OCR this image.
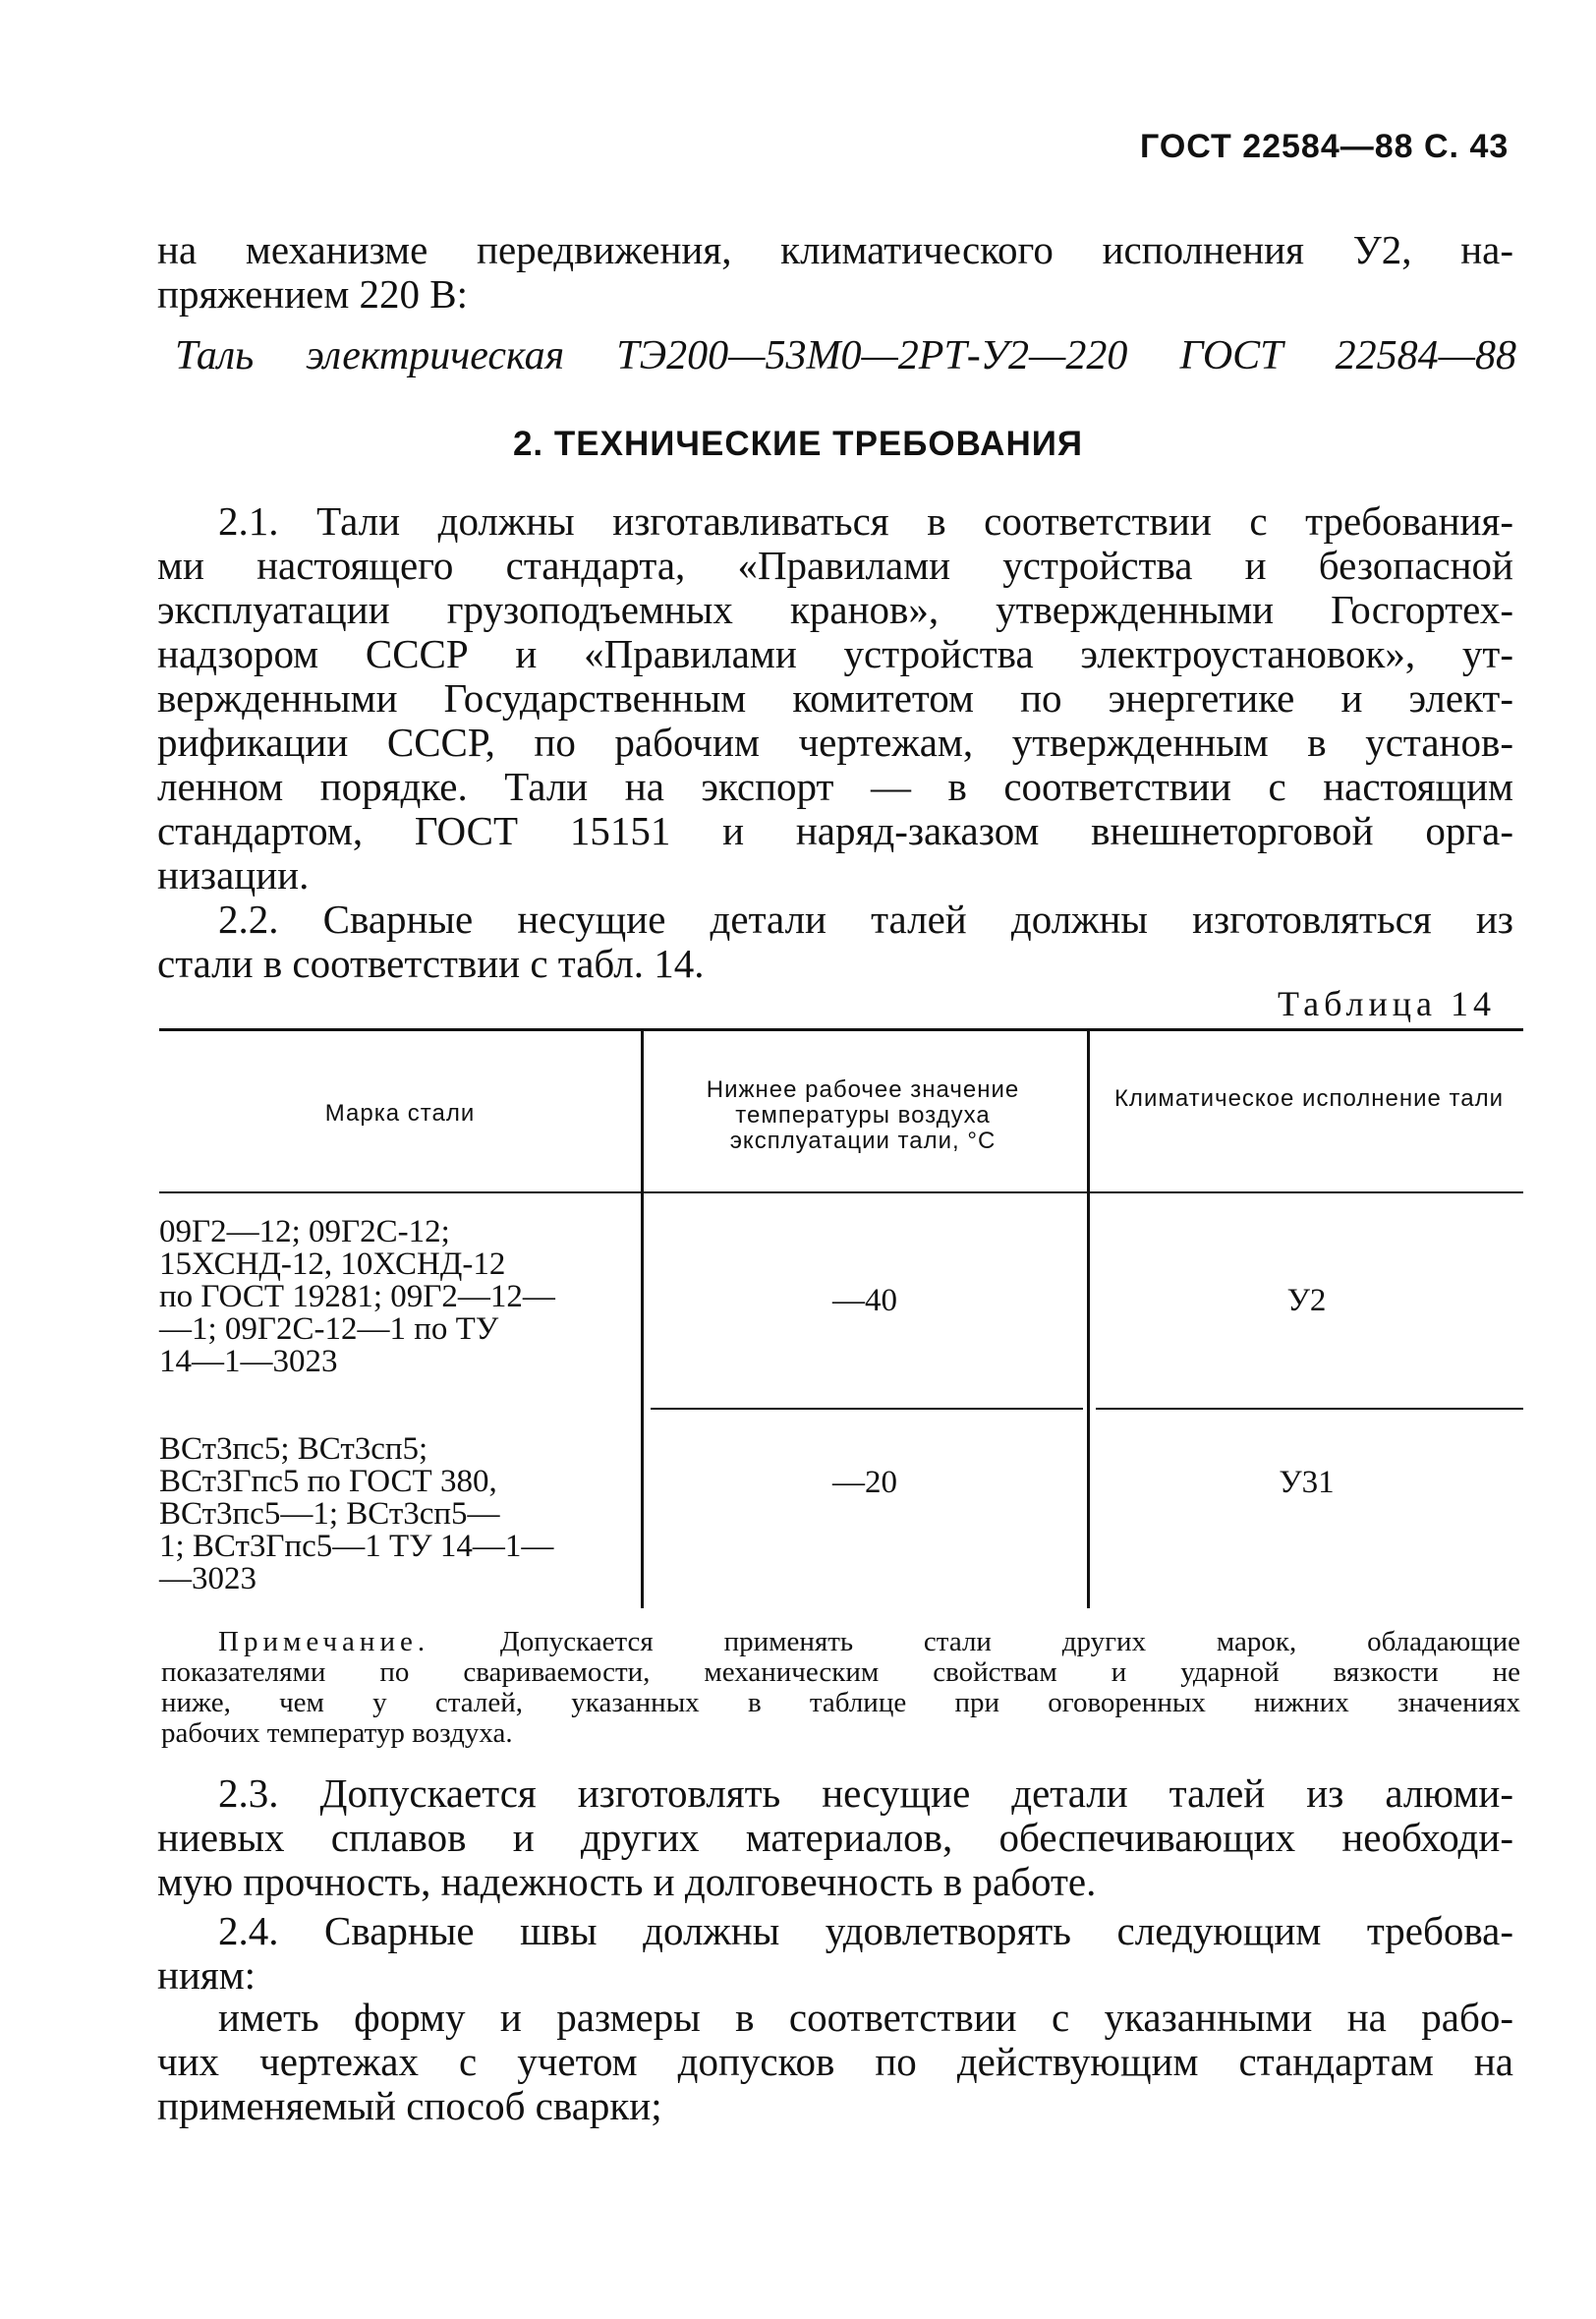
ГОСТ 22584—88 С. 43
на механизме передвижения, климатического исполнения У2, на-
пряжением 220 В:
Таль электрическая ТЭ200—53М0—2РТ-У2—220 ГОСТ 22584—88
2. ТЕХНИЧЕСКИЕ ТРЕБОВАНИЯ
2.1. Тали должны изготавливаться в соответствии с требования-
ми настоящего стандарта, «Правилами устройства и безопасной
эксплуатации грузоподъемных кранов», утвержденными Госгортех-
надзором СССР и «Правилами устройства электроустановок», ут-
вержденными Государственным комитетом по энергетике и элект-
рификации СССР, по рабочим чертежам, утвержденным в установ-
ленном порядке. Тали на экспорт — в соответствии с настоящим
стандартом, ГОСТ 15151 и наряд-заказом внешнеторговой орга-
низации.
2.2. Сварные несущие детали талей должны изготовляться из
стали в соответствии с табл. 14.
Таблица 14
Марка стали
Нижнее рабочее значение температуры воздуха эксплуатации тали, °С
Климатическое исполнение тали
09Г2—12; 09Г2С-12;
15ХСНД-12, 10ХСНД-12
по ГОСТ 19281; 09Г2—12—
—1; 09Г2С-12—1 по ТУ
14—1—3023
—40	У2
ВСт3пс5; ВСт3сп5;
ВСт3Гпс5 по ГОСТ 380,
ВСт3пс5—1; ВСт3сп5—
1; ВСт3Гпс5—1 ТУ 14—1—
—3023
—20	У31
Примечание. Допускается применять стали других марок, обладающие
показателями по свариваемости, механическим свойствам и ударной вязкости не
ниже, чем у сталей, указанных в таблице при оговоренных нижних значениях
рабочих температур воздуха.
2.3. Допускается изготовлять несущие детали талей из алюми-
ниевых сплавов и других материалов, обеспечивающих необходи-
мую прочность, надежность и долговечность в работе.
2.4. Сварные швы должны удовлетворять следующим требова-
ниям:
иметь форму и размеры в соответствии с указанными на рабо-
чих чертежах с учетом допусков по действующим стандартам на
применяемый способ сварки;
